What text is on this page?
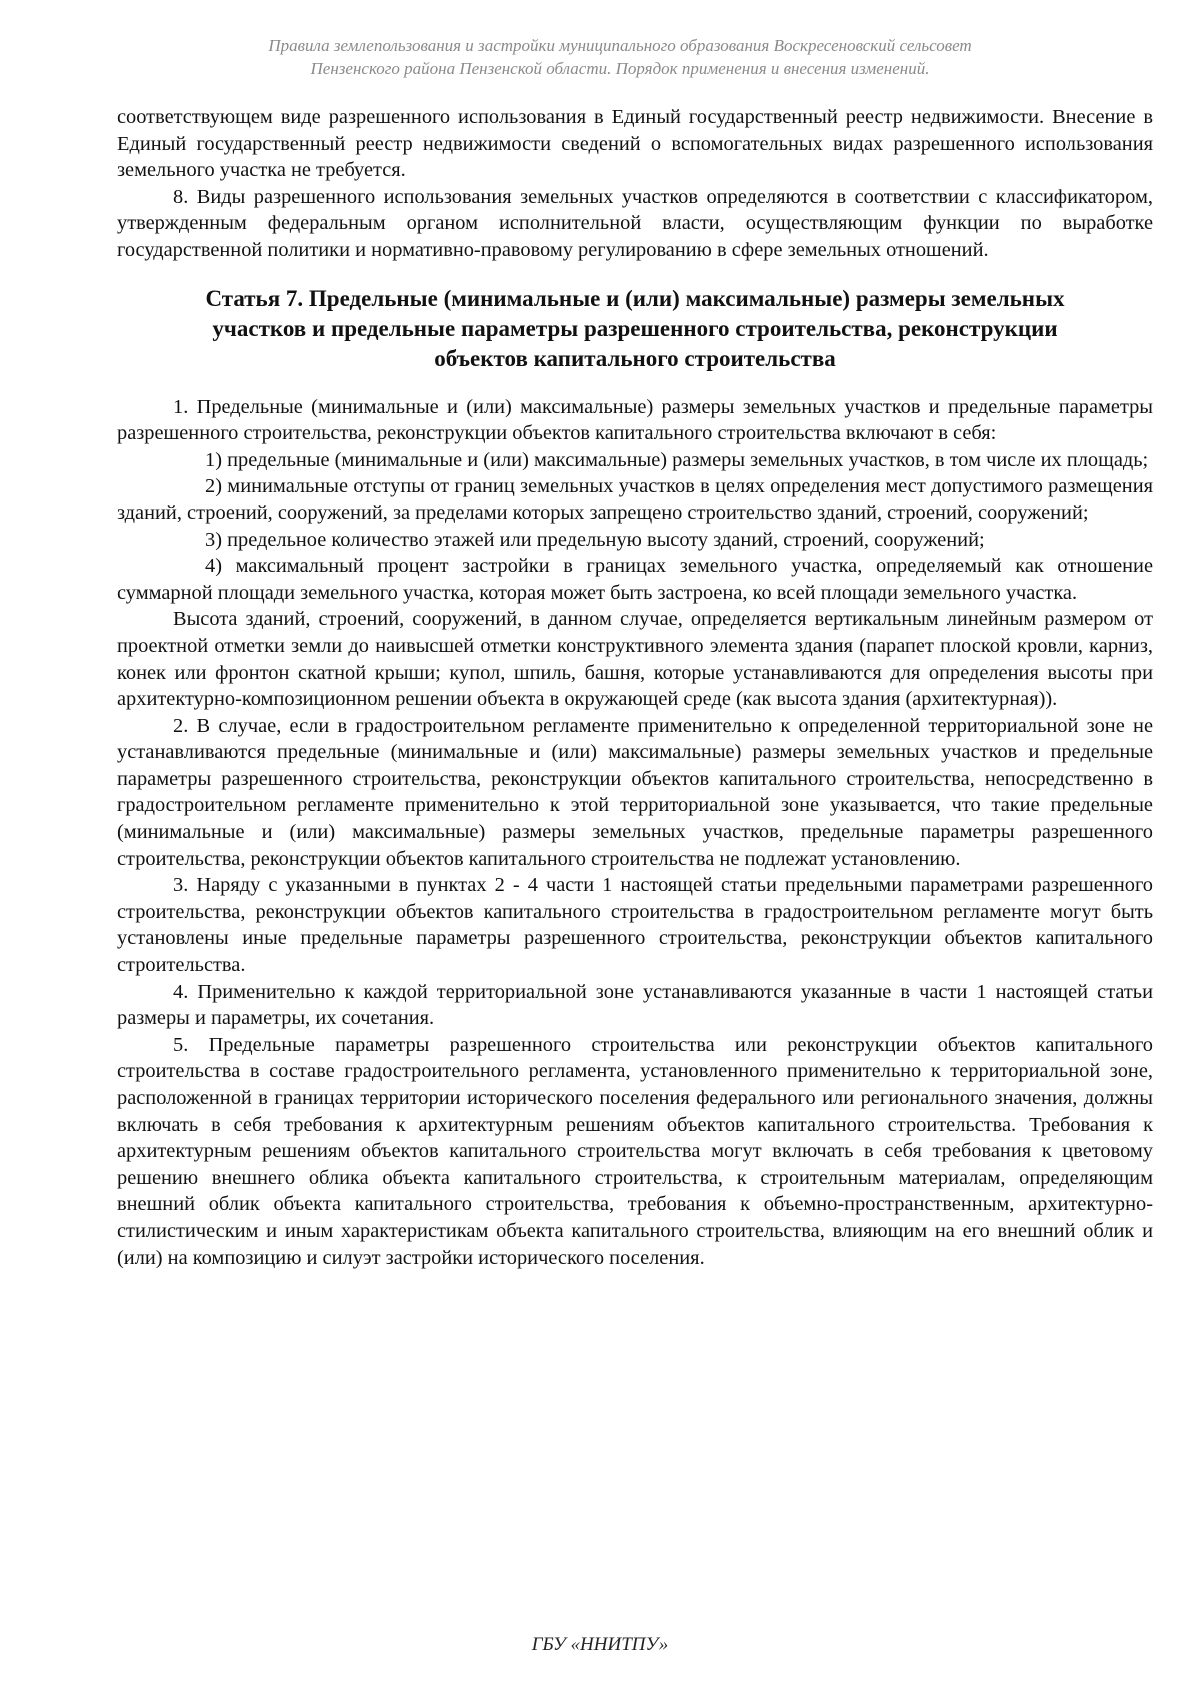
Правила землепользования и застройки муниципального образования Воскресеновский сельсовет
Пензенского района Пензенской области. Порядок применения и внесения изменений.

соответствующем виде разрешенного использования в Единый государственный реестр недвижимости. Внесение в Единый государственный реестр недвижимости сведений о вспомогательных видах разрешенного использования земельного участка не требуется.

8. Виды разрешенного использования земельных участков определяются в соответствии с классификатором, утвержденным федеральным органом исполнительной власти, осуществляющим функции по выработке государственной политики и нормативно-правовому регулированию в сфере земельных отношений.

Статья 7. Предельные (минимальные и (или) максимальные) размеры земельных
участков и предельные параметры разрешенного строительства, реконструкции
объектов капитального строительства

1. Предельные (минимальные и (или) максимальные) размеры земельных участков и предельные параметры разрешенного строительства, реконструкции объектов капитального строительства включают в себя:

1) предельные (минимальные и (или) максимальные) размеры земельных участков, в том числе их площадь;

2) минимальные отступы от границ земельных участков в целях определения мест допустимого размещения зданий, строений, сооружений, за пределами которых запрещено строительство зданий, строений, сооружений;

3) предельное количество этажей или предельную высоту зданий, строений, сооружений;

4) максимальный процент застройки в границах земельного участка, определяемый как отношение суммарной площади земельного участка, которая может быть застроена, ко всей площади земельного участка.

Высота зданий, строений, сооружений, в данном случае, определяется вертикальным линейным размером от проектной отметки земли до наивысшей отметки конструктивного элемента здания (парапет плоской кровли, карниз, конек или фронтон скатной крыши; купол, шпиль, башня, которые устанавливаются для определения высоты при архитектурно-композиционном решении объекта в окружающей среде (как высота здания (архитектурная)).

2. В случае, если в градостроительном регламенте применительно к определенной территориальной зоне не устанавливаются предельные (минимальные и (или) максимальные) размеры земельных участков и предельные параметры разрешенного строительства, реконструкции объектов капитального строительства, непосредственно в градостроительном регламенте применительно к этой территориальной зоне указывается, что такие предельные (минимальные и (или) максимальные) размеры земельных участков, предельные параметры разрешенного строительства, реконструкции объектов капитального строительства не подлежат установлению.

3. Наряду с указанными в пунктах 2 - 4 части 1 настоящей статьи предельными параметрами разрешенного строительства, реконструкции объектов капитального строительства в градостроительном регламенте могут быть установлены иные предельные параметры разрешенного строительства, реконструкции объектов капитального строительства.

4. Применительно к каждой территориальной зоне устанавливаются указанные в части 1 настоящей статьи размеры и параметры, их сочетания.

5. Предельные параметры разрешенного строительства или реконструкции объектов капитального строительства в составе градостроительного регламента, установленного применительно к территориальной зоне, расположенной в границах территории исторического поселения федерального или регионального значения, должны включать в себя требования к архитектурным решениям объектов капитального строительства. Требования к архитектурным решениям объектов капитального строительства могут включать в себя требования к цветовому решению внешнего облика объекта капитального строительства, к строительным материалам, определяющим внешний облик объекта капитального строительства, требования к объемно-пространственным, архитектурно-стилистическим и иным характеристикам объекта капитального строительства, влияющим на его внешний облик и (или) на композицию и силуэт застройки исторического поселения.

ГБУ «ННИТПУ»
